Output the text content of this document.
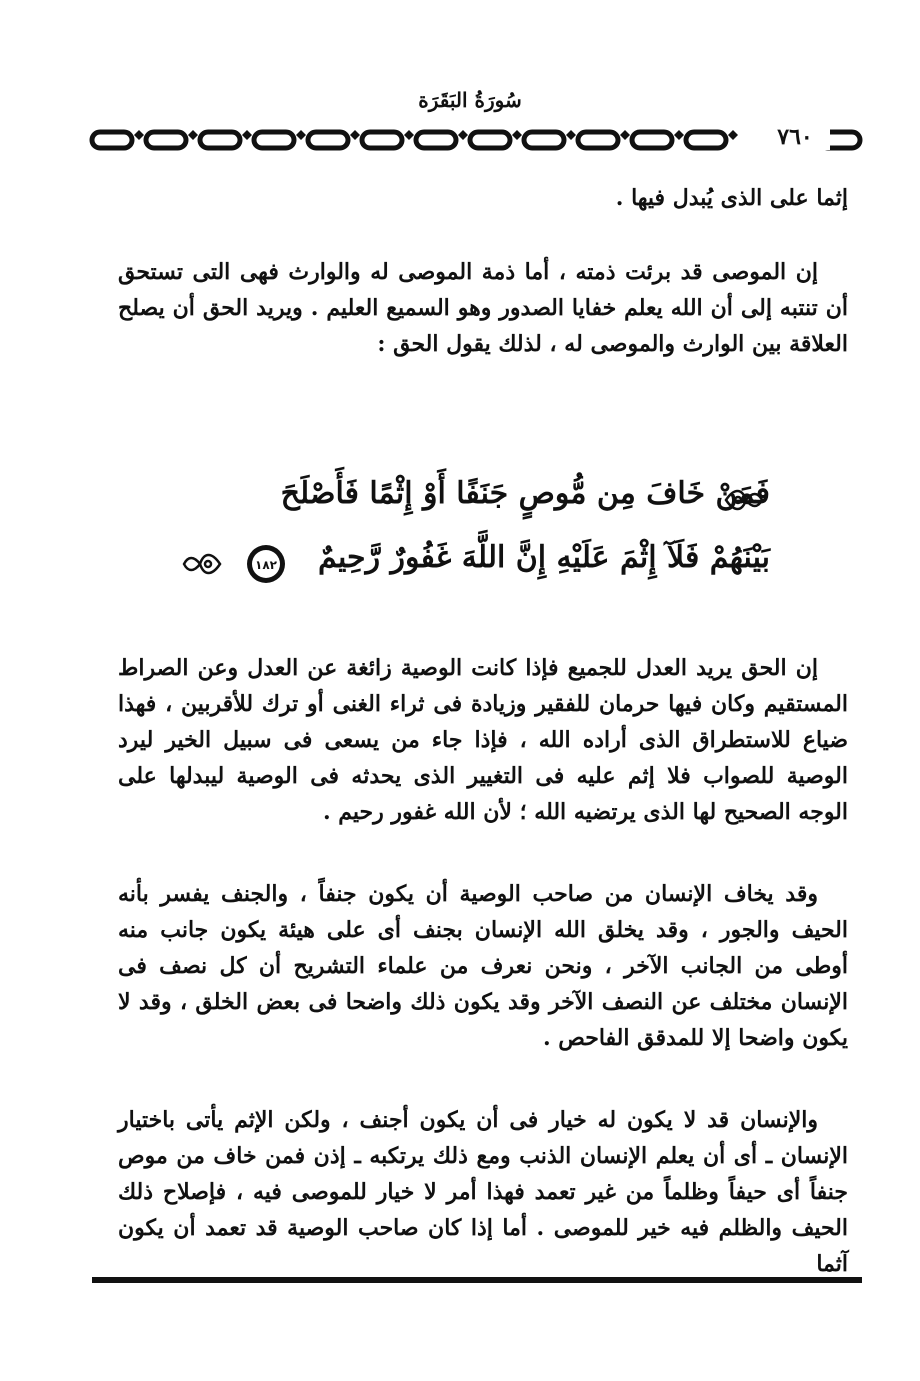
سُورَةُ البَقَرَة
٧٦٠

إثما على الذى يُبدل فيها .

إن الموصى قد برئت ذمته ، أما ذمة الموصى له والوارث فهى التى تستحق أن تنتبه إلى أن الله يعلم خفايا الصدور وهو السميع العليم . ويريد الحق أن يصلح العلاقة بين الوارث والموصى له ، لذلك يقول الحق :

فَمَنْ خَافَ مِن مُّوصٍ جَنَفًا أَوْ إِثْمًا فَأَصْلَحَ
بَيْنَهُمْ فَلَآ إِثْمَ عَلَيْهِ إِنَّ اللَّهَ غَفُورٌ رَّحِيمٌ
١٨٢

إن الحق يريد العدل للجميع فإذا كانت الوصية زائغة عن العدل وعن الصراط المستقيم وكان فيها حرمان للفقير وزيادة فى ثراء الغنى أو ترك للأقربين ، فهذا ضياع للاستطراق الذى أراده الله ، فإذا جاء من يسعى فى سبيل الخير ليرد الوصية للصواب فلا إثم عليه فى التغيير الذى يحدثه فى الوصية ليبدلها على الوجه الصحيح لها الذى يرتضيه الله ؛ لأن الله غفور رحيم .

وقد يخاف الإنسان من صاحب الوصية أن يكون جنفاً ، والجنف يفسر بأنه الحيف والجور ، وقد يخلق الله الإنسان بجنف أى على هيئة يكون جانب منه أوطى من الجانب الآخر ، ونحن نعرف من علماء التشريح أن كل نصف فى الإنسان مختلف عن النصف الآخر وقد يكون ذلك واضحا فى بعض الخلق ، وقد لا يكون واضحا إلا للمدقق الفاحص .

والإنسان قد لا يكون له خيار فى أن يكون أجنف ، ولكن الإثم يأتى باختيار الإنسان ـ أى أن يعلم الإنسان الذنب ومع ذلك يرتكبه ـ إذن فمن خاف من موص جنفاً أى حيفاً وظلماً من غير تعمد فهذا أمر لا خيار للموصى فيه ، فإصلاح ذلك الحيف والظلم فيه خير للموصى . أما إذا كان صاحب الوصية قد تعمد أن يكون آثما
